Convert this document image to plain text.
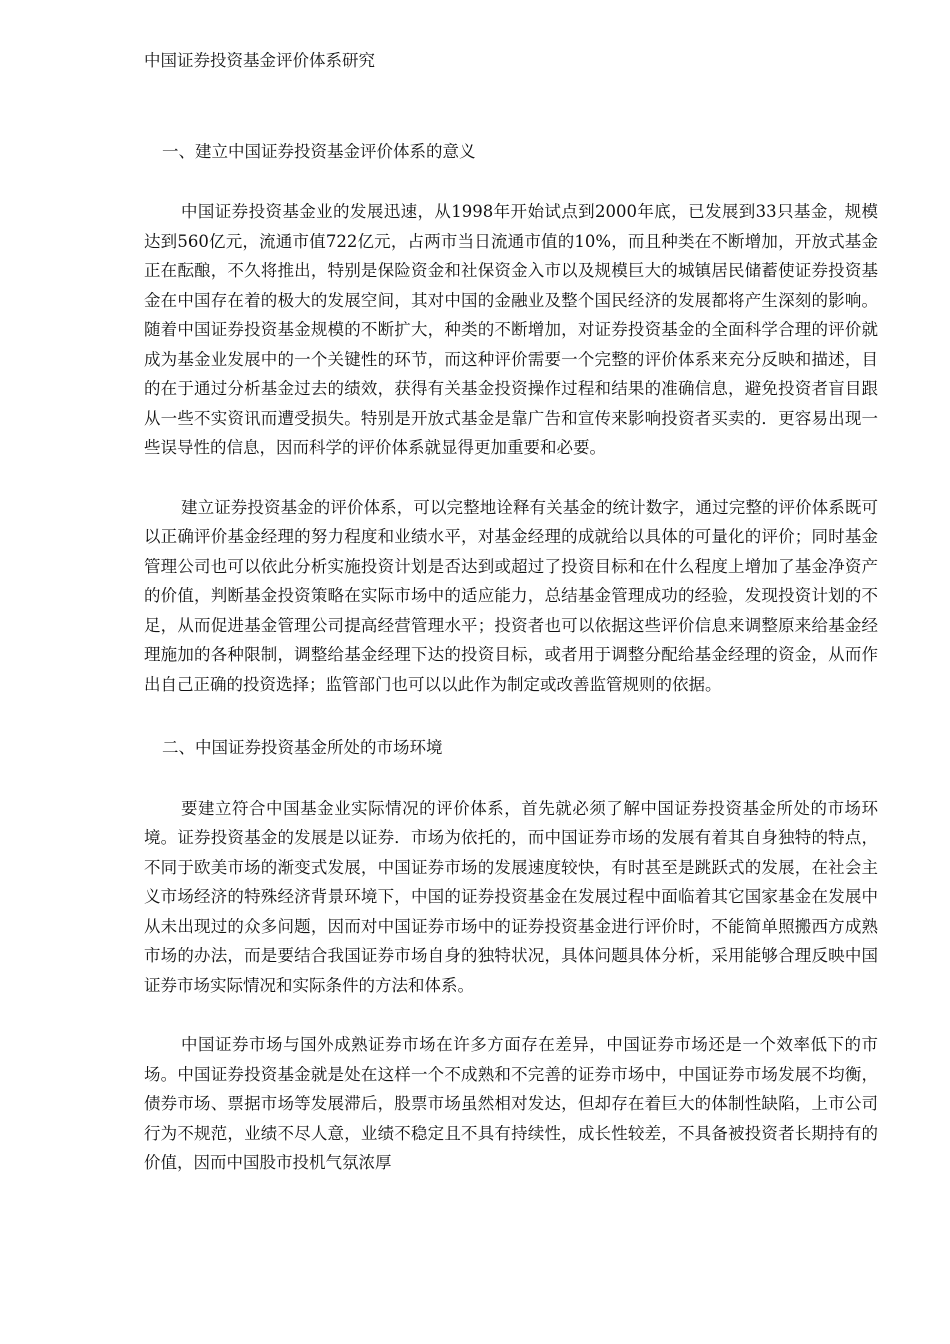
中国证券投资基金评价体系研究
一、建立中国证券投资基金评价体系的意义

中国证券投资基金业的发展迅速，从1998年开始试点到2000年底，已发展到33只基金，规模达到560亿元，流通市值722亿元，占两市当日流通市值的10%，而且种类在不断增加，开放式基金正在酝酿，不久将推出，特别是保险资金和社保资金入市以及规模巨大的城镇居民储蓄使证券投资基金在中国存在着的极大的发展空间，其对中国的金融业及整个国民经济的发展都将产生深刻的影响。随着中国证券投资基金规模的不断扩大，种类的不断增加，对证券投资基金的全面科学合理的评价就成为基金业发展中的一个关键性的环节，而这种评价需要一个完整的评价体系来充分反映和描述，目的在于通过分析基金过去的绩效，获得有关基金投资操作过程和结果的准确信息，避免投资者盲目跟从一些不实资讯而遭受损失。特别是开放式基金是靠广告和宣传来影响投资者买卖的．更容易出现一些误导性的信息，因而科学的评价体系就显得更加重要和必要。

建立证券投资基金的评价体系，可以完整地诠释有关基金的统计数字，通过完整的评价体系既可以正确评价基金经理的努力程度和业绩水平，对基金经理的成就给以具体的可量化的评价；同时基金管理公司也可以依此分析实施投资计划是否达到或超过了投资目标和在什么程度上增加了基金净资产的价值，判断基金投资策略在实际市场中的适应能力，总结基金管理成功的经验，发现投资计划的不足，从而促进基金管理公司提高经营管理水平；投资者也可以依据这些评价信息来调整原来给基金经理施加的各种限制，调整给基金经理下达的投资目标，或者用于调整分配给基金经理的资金，从而作出自己正确的投资选择；监管部门也可以以此作为制定或改善监管规则的依据。

二、中国证券投资基金所处的市场环境

要建立符合中国基金业实际情况的评价体系，首先就必须了解中国证券投资基金所处的市场环境。证券投资基金的发展是以证券．市场为依托的，而中国证券市场的发展有着其自身独特的特点，不同于欧美市场的渐变式发展，中国证券市场的发展速度较快，有时甚至是跳跃式的发展，在社会主义市场经济的特殊经济背景环境下，中国的证券投资基金在发展过程中面临着其它国家基金在发展中从未出现过的众多问题，因而对中国证券市场中的证券投资基金进行评价时，不能简单照搬西方成熟市场的办法，而是要结合我国证券市场自身的独特状况，具体问题具体分析，采用能够合理反映中国证券市场实际情况和实际条件的方法和体系。

中国证券市场与国外成熟证券市场在许多方面存在差异，中国证券市场还是一个效率低下的市场。中国证券投资基金就是处在这样一个不成熟和不完善的证券市场中，中国证券市场发展不均衡，债券市场、票据市场等发展滞后，股票市场虽然相对发达，但却存在着巨大的体制性缺陷，上市公司行为不规范，业绩不尽人意，业绩不稳定且不具有持续性，成长性较差，不具备被投资者长期持有的价值，因而中国股市投机气氛浓厚
